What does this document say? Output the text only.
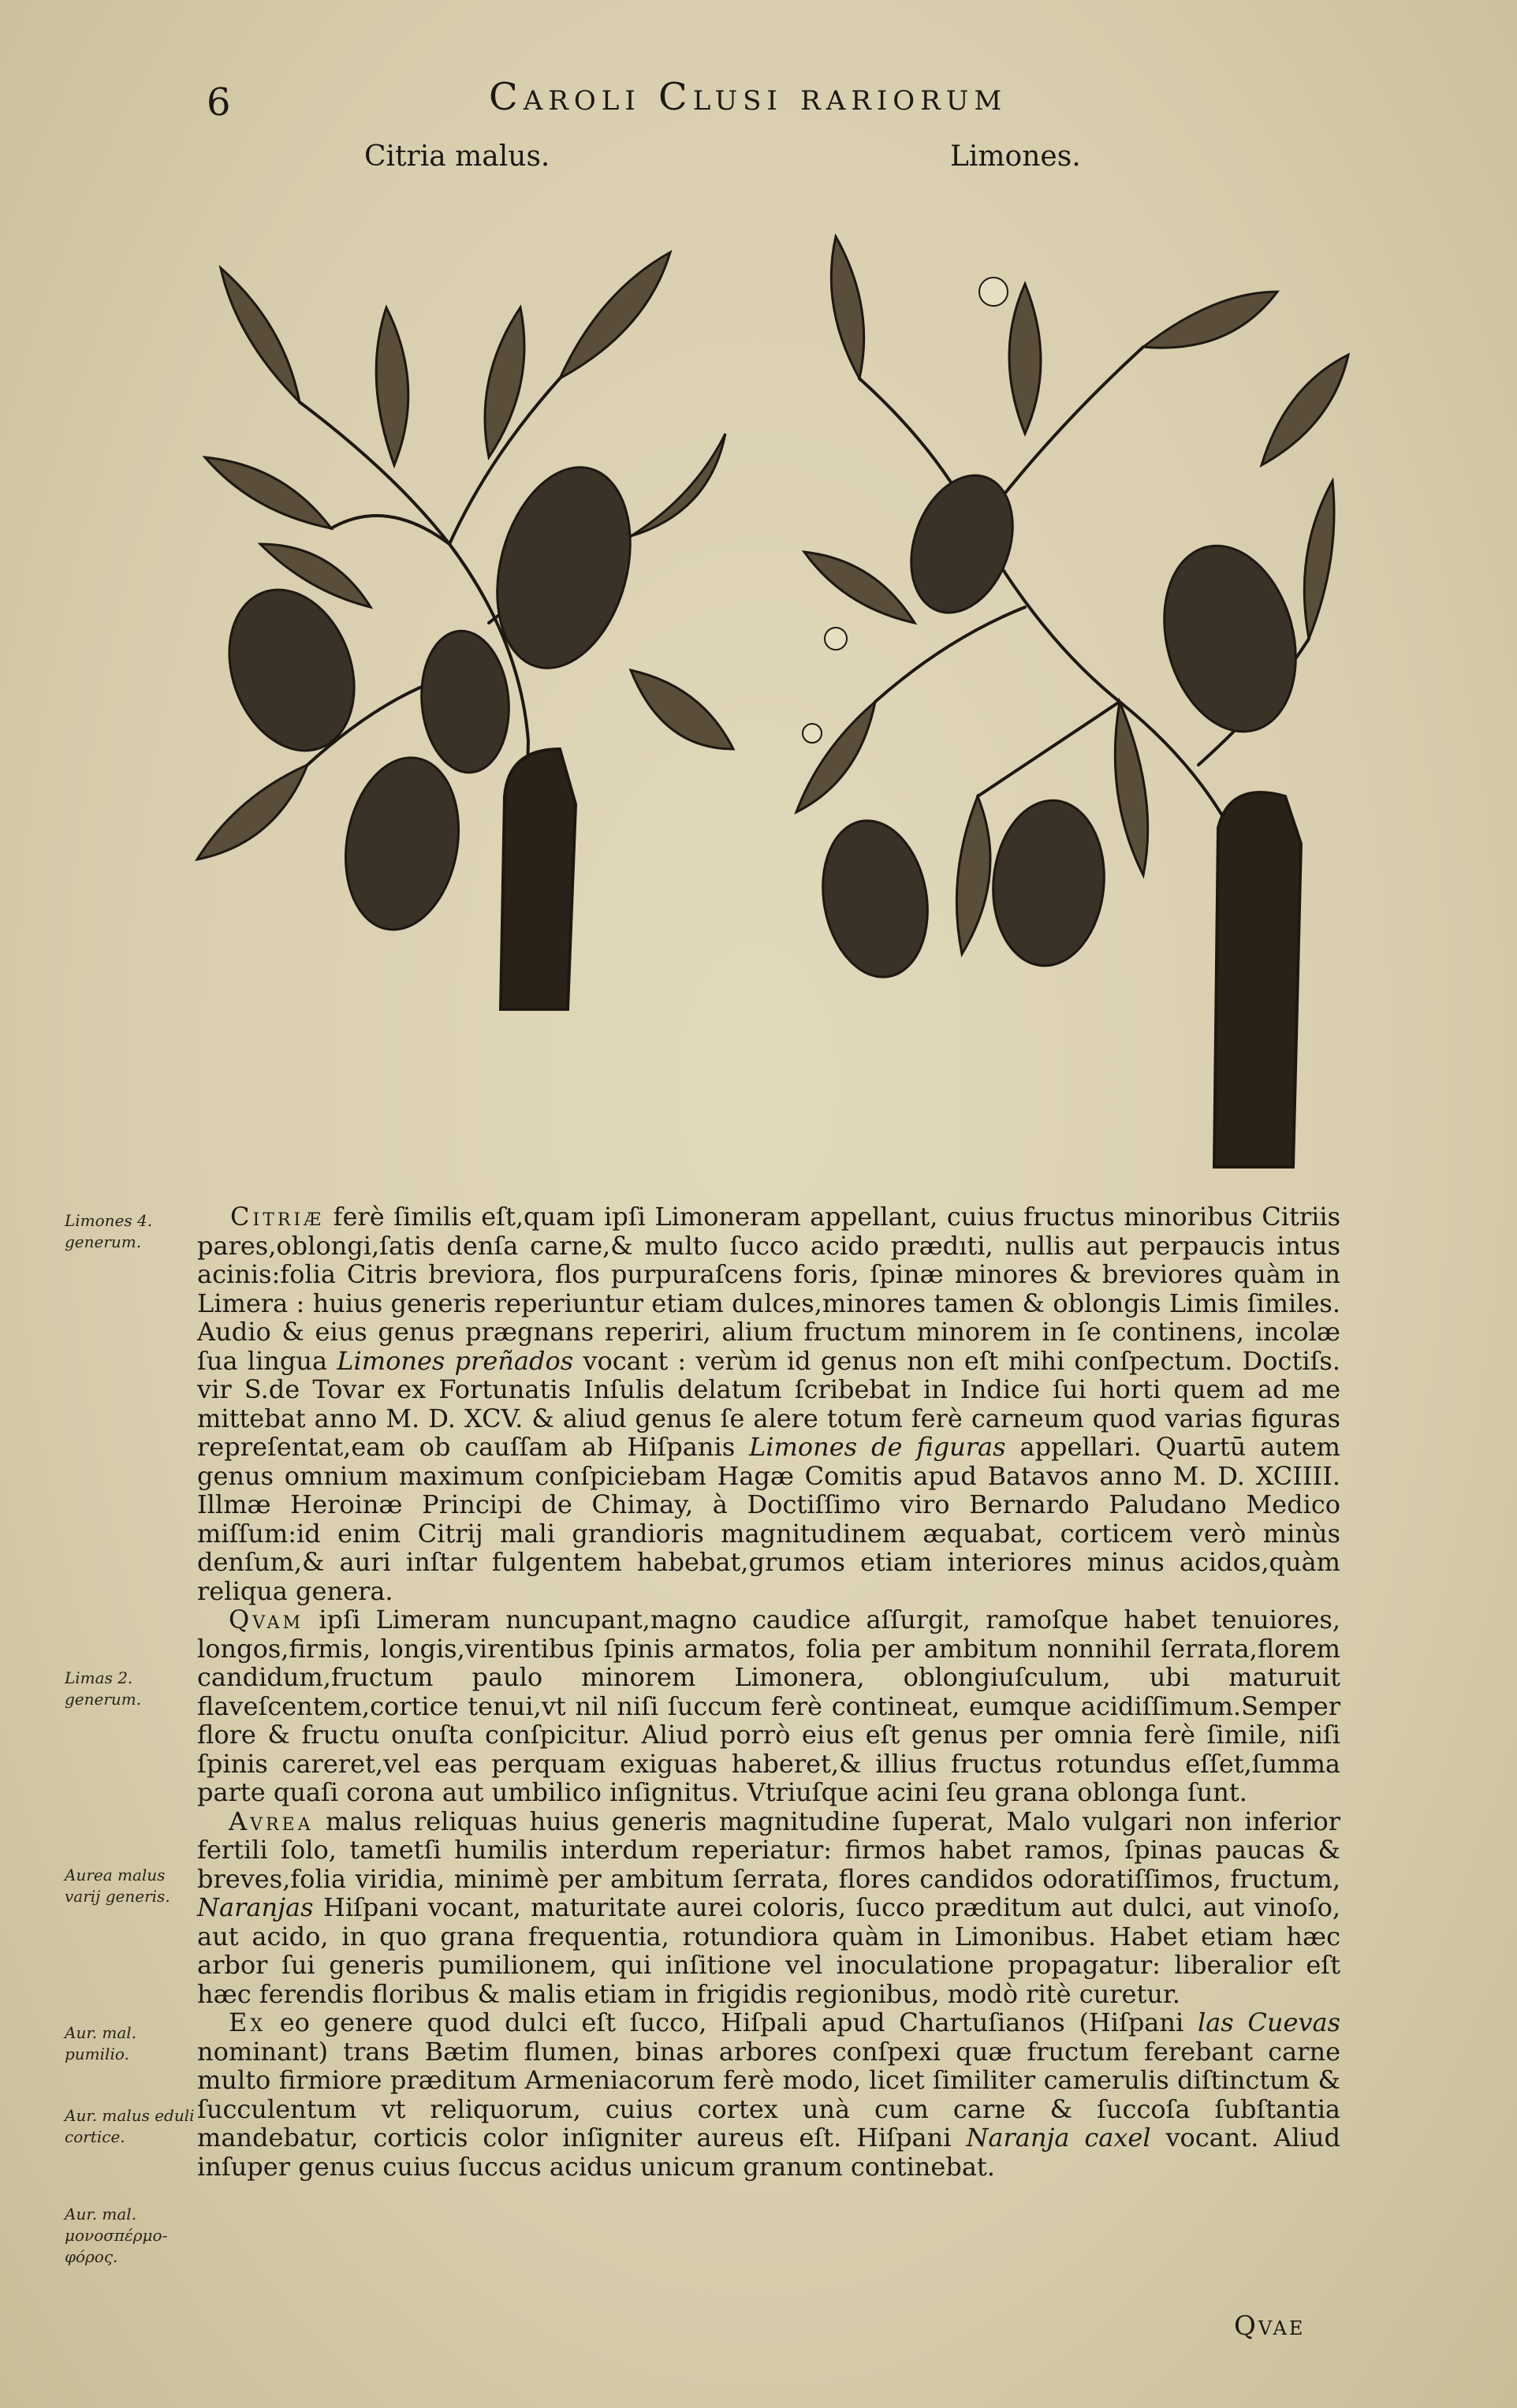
6	Caroli Clusi rariorum
Citria malus.	Limones.
Limones 4. generum.
Limas 2. generum.
Aurea malus varij generis.
Aur. mal. pumilio.
Aur. malus eduli cortice.
Aur. mal. μονοσπέρμοφόρος.

Citriæ ferè ſimilis eſt,quam ipſi Limoneram appellant, cuius fructus minoribus Citriis pares,oblongi,ſatis denſa carne,& multo ſucco acido prædıti, nullis aut perpaucis intus acinis:folia Citris breviora, flos purpuraſcens foris, ſpinæ minores & breviores quàm in Limera : huius generis reperiuntur etiam dulces,minores tamen & oblongis Limis ſimiles. Audio & eius genus prægnans reperiri, alium fructum minorem in ſe continens, incolæ ſua lingua Limones preñados vocant : verùm id genus non eſt mihi conſpectum. Doctiſs. vir S.de Tovar ex Fortunatis Inſulis delatum ſcribebat in Indice ſui horti quem ad me mittebat anno M. D. XCV. & aliud genus ſe alere totum ferè carneum quod varias figuras repreſentat,eam ob cauſſam ab Hiſpanis Limones de figuras appellari. Quartū autem genus omnium maximum conſpiciebam Hagæ Comitis apud Batavos anno M. D. XCIIII. Illmæ Heroinæ Principi de Chimay, à Doctiſſimo viro Bernardo Paludano Medico miſſum:id enim Citrij mali grandioris magnitudinem æquabat, corticem verò minùs denſum,& auri inſtar fulgentem habebat,grumos etiam interiores minus acidos,quàm reliqua genera.

Qvam ipſi Limeram nuncupant,magno caudice aſſurgit, ramoſque habet tenuiores, longos,firmis, longis,virentibus ſpinis armatos, folia per ambitum nonnihil ſerrata,florem candidum,fructum paulo minorem Limonera, oblongiuſculum, ubi maturuit flaveſcentem,cortice tenui,vt nil niſi ſuccum ferè contineat, eumque acidiſſimum.Semper flore & fructu onuſta conſpicitur. Aliud porrò eius eſt genus per omnia ferè ſimile, niſi ſpinis careret,vel eas perquam exiguas haberet,& illius fructus rotundus eſſet,ſumma parte quaſi corona aut umbilico inſignitus. Vtriuſque acini ſeu grana oblonga ſunt.

Avrea malus reliquas huius generis magnitudine ſuperat, Malo vulgari non inferior fertili ſolo, tametſi humilis interdum reperiatur: firmos habet ramos, ſpinas paucas & breves,folia viridia, minimè per ambitum ſerrata, flores candidos odoratiſſimos, fructum, Naranjas Hiſpani vocant, maturitate aurei coloris, ſucco præditum aut dulci, aut vinoſo, aut acido, in quo grana frequentia, rotundiora quàm in Limonibus. Habet etiam hæc arbor ſui generis pumilionem, qui inſitione vel inoculatione propagatur: liberalior eſt hæc ferendis floribus & malis etiam in frigidis regionibus, modò ritè curetur.

Ex eo genere quod dulci eſt ſucco, Hiſpali apud Chartuſianos (Hiſpani las Cuevas nominant) trans Bætim flumen, binas arbores conſpexi quæ fructum ferebant carne multo firmiore præditum Armeniacorum ferè modo, licet ſimiliter camerulis diſtinctum & ſucculentum vt reliquorum, cuius cortex unà cum carne & ſuccoſa ſubſtantia mandebatur, corticis color inſigniter aureus eſt. Hiſpani Naranja caxel vocant. Aliud inſuper genus cuius ſuccus acidus unicum granum continebat.

Qvae
